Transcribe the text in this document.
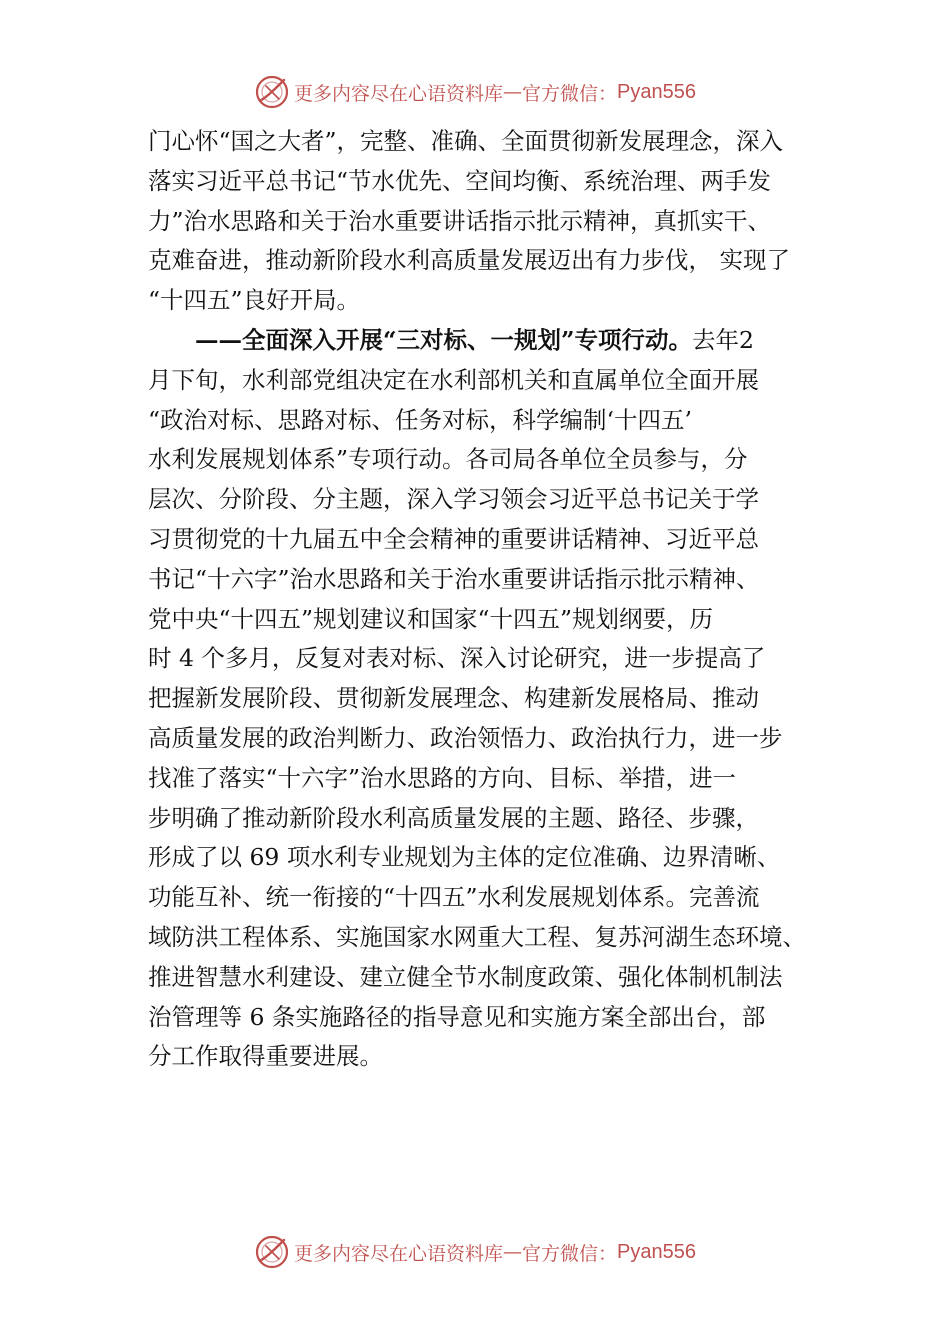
更多内容尽在心语资料库 — 官方微信： Pyan556
门心怀“国之大者”，完整、准确、全面贯彻新发展理念，深入
落实习近平总书记“节水优先、空间均衡、系统治理、两手发
力”治水思路和关于治水重要讲话指示批示精神，真抓实干、
克难奋进，推动新阶段水利高质量发展迈出有力步伐， 实现了
“十四五”良好开局。
——全面深入开展“三对标、一规划”专项行动。去年2
月下旬，水利部党组决定在水利部机关和直属单位全面开展
“政治对标、思路对标、任务对标，科学编制‘十四五’
水利发展规划体系”专项行动。各司局各单位全员参与，分
层次、分阶段、分主题，深入学习领会习近平总书记关于学
习贯彻党的十九届五中全会精神的重要讲话精神、习近平总
书记“十六字”治水思路和关于治水重要讲话指示批示精神、
党中央“十四五”规划建议和国家“十四五”规划纲要，历
时 4 个多月，反复对表对标、深入讨论研究，进一步提高了
把握新发展阶段、贯彻新发展理念、构建新发展格局、推动
高质量发展的政治判断力、政治领悟力、政治执行力，进一步
找准了落实“十六字”治水思路的方向、目标、举措，进一
步明确了推动新阶段水利高质量发展的主题、路径、步骤，
形成了以 69 项水利专业规划为主体的定位准确、边界清晰、
功能互补、统一衔接的“十四五”水利发展规划体系。完善流
域防洪工程体系、实施国家水网重大工程、复苏河湖生态环境、
推进智慧水利建设、建立健全节水制度政策、强化体制机制法
治管理等 6 条实施路径的指导意见和实施方案全部出台，部
分工作取得重要进展。
更多内容尽在心语资料库 — 官方微信： Pyan556
